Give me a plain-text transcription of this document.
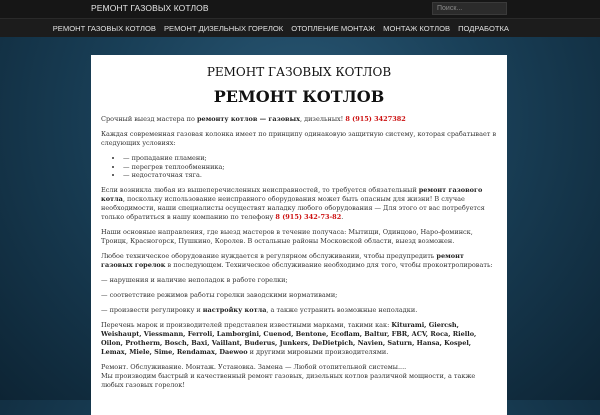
РЕМОНТ ГАЗОВЫХ КОТЛОВ
Поиск...
РЕМОНТ ГАЗОВЫХ КОТЛОВ РЕМОНТ ДИЗЕЛЬНЫХ ГОРЕЛОК ОТОПЛЕНИЕ МОНТАЖ МОНТАЖ КОТЛОВ ПОДРАБОТКА
РЕМОНТ ГАЗОВЫХ КОТЛОВ
РЕМОНТ КОТЛОВ

Срочный выезд мастера по ремонту котлов — газовых, дизельных! 8 (915) 3427382

Каждая современная газовая колонка имеет по принципу одинаковую защитную систему, которая срабатывает в следующих условиях:

• — пропадание пламени;
• — перегрев теплообменника;
• — недостаточная тяга.

Если возникла любая из вышеперечисленных неисправностей, то требуется обязательный ремонт газового котла, поскольку использование неисправного оборудования может быть опасным для жизни! В случае необходимости, наши специалисты осуществят наладку любого оборудования — Для этого от вас потребуется только обратиться в нашу компанию по телефону 8 (915) 342-73-82.

Наши основные направления, где выезд мастеров в течение получаса: Мытищи, Одинцово, Наро-фоминск, Троицк, Красногорск, Пушкино, Королев. В остальные районы Московской области, выезд возможен.

Любое техническое оборудование нуждается в регулярном обслуживании, чтобы предупредить ремонт газовых горелок в последующем. Техническое обслуживание необходимо для того, чтобы проконтролировать:

— нарушения и наличие неполадок в работе горелки;

— соответствие режимов работы горелки заводскими нормативами;

— произвести регулировку и настройку котла, а также устранить возможные неполадки.

Перечень марок и производителей представлен известными марками, такими как: Kiturami, Giercsh, Weishaupt, Viessmann, Ferroli, Lamborgini, Cuenod, Bentone, Ecoflam, Baltur, FBR, ACV, Roca, Riello, Oilon, Protherm, Bosch, Baxi, Vaillant, Buderus, Junkers, DeDietpich, Navien, Saturn, Hansa, Kospel, Lemax, Miele, Sime, Rendamax, Daewoo и другими мировыми производителями.

Ремонт. Обслуживание. Монтаж. Установка. Замена — Любой отопительной системы....
Мы производим быстрый и качественный ремонт газовых, дизельных котлов различной мощности, а также любых газовых горелок!
